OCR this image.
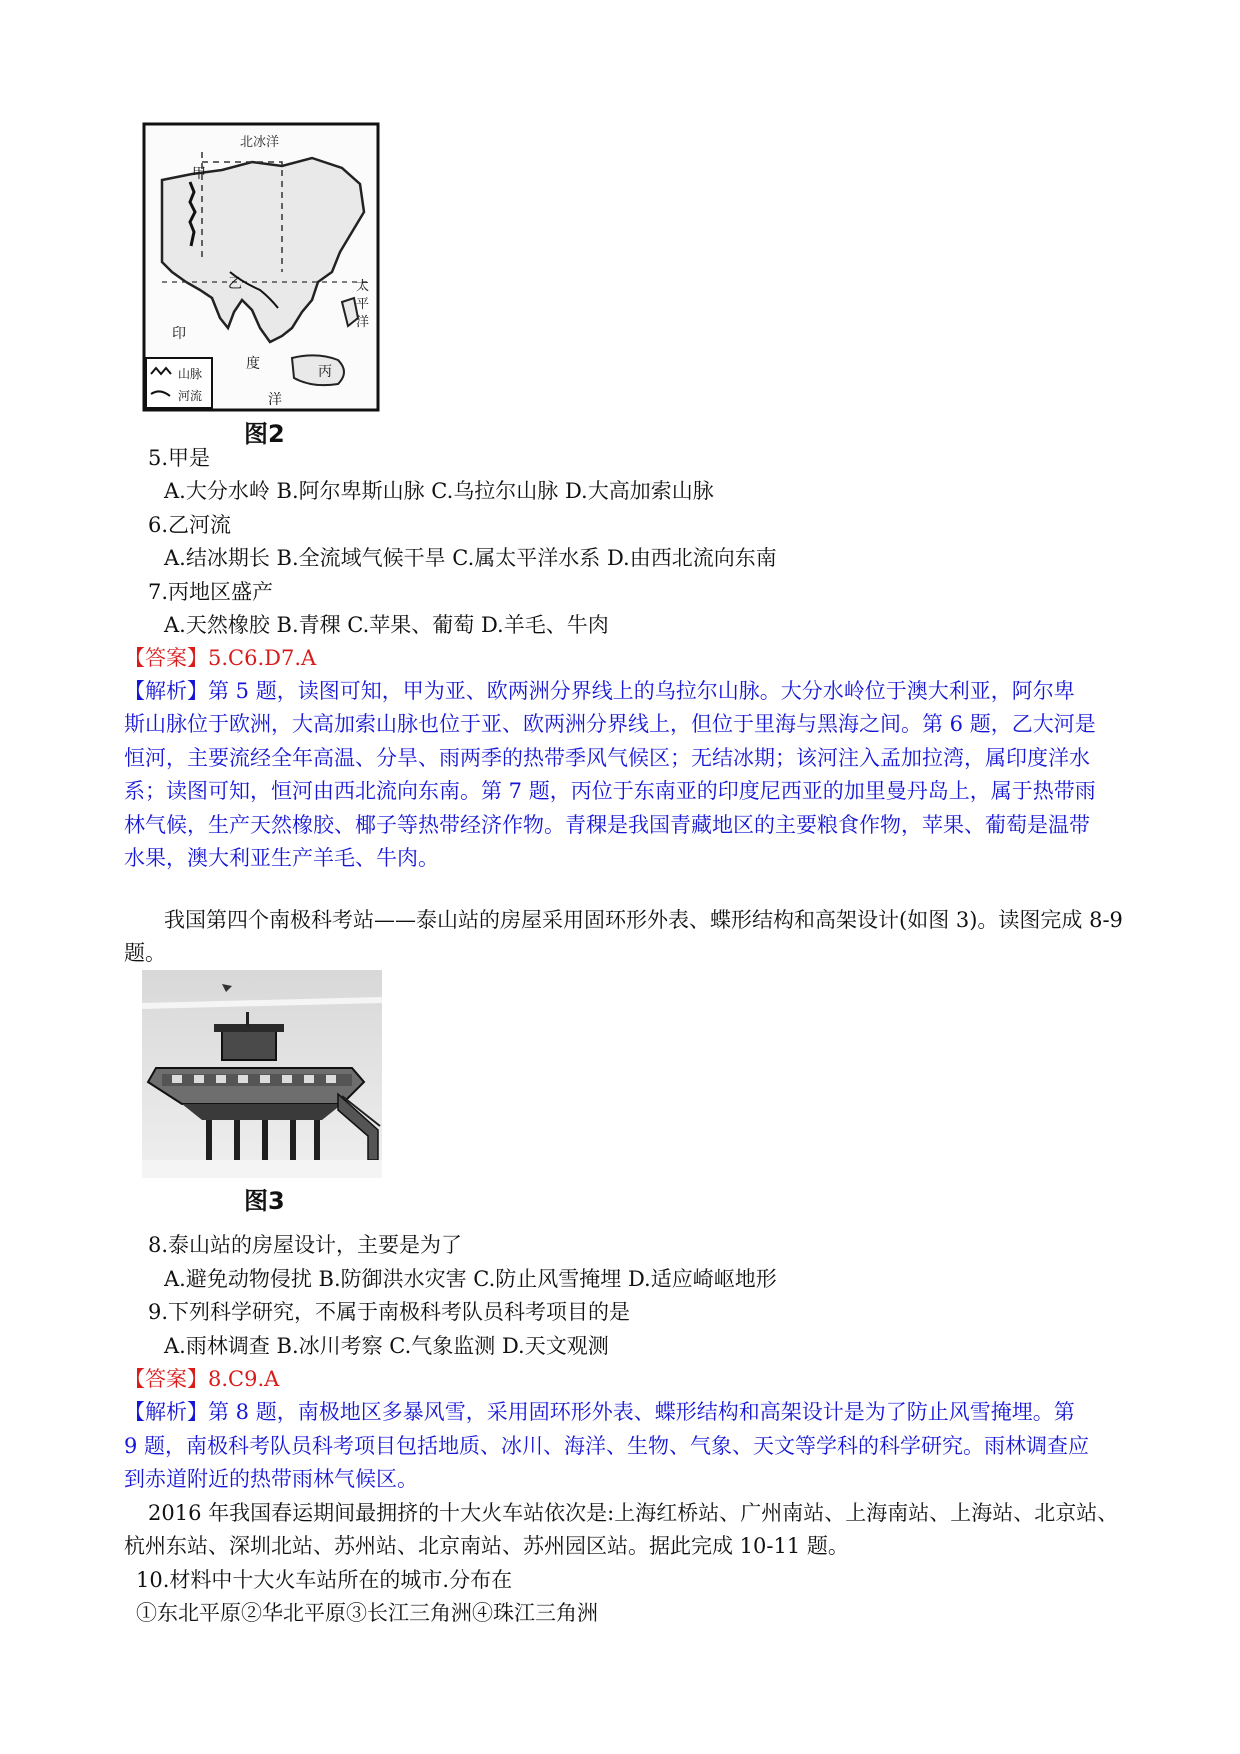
北冰洋
甲
乙
丙
印
度
洋
太
平
洋
山脉
河流
图2
5.甲是
A.大分水岭 B.阿尔卑斯山脉 C.乌拉尔山脉 D.大高加索山脉
6.乙河流
A.结冰期长 B.全流域气候干旱 C.属太平洋水系 D.由西北流向东南
7.丙地区盛产
A.天然橡胶 B.青稞 C.苹果、葡萄 D.羊毛、牛肉
【答案】5.C6.D7.A
【解析】第 5 题，读图可知，甲为亚、欧两洲分界线上的乌拉尔山脉。大分水岭位于澳大利亚，阿尔卑
斯山脉位于欧洲，大高加索山脉也位于亚、欧两洲分界线上，但位于里海与黑海之间。第 6 题，乙大河是
恒河，主要流经全年高温、分旱、雨两季的热带季风气候区；无结冰期；该河注入孟加拉湾，属印度洋水
系；读图可知，恒河由西北流向东南。第 7 题，丙位于东南亚的印度尼西亚的加里曼丹岛上，属于热带雨
林气候，生产天然橡胶、椰子等热带经济作物。青稞是我国青藏地区的主要粮食作物，苹果、葡萄是温带
水果，澳大利亚生产羊毛、牛肉。
我国第四个南极科考站——泰山站的房屋采用固环形外表、蝶形结构和高架设计(如图 3)。读图完成 8-9
题。
图3
8.泰山站的房屋设计，主要是为了
A.避免动物侵扰 B.防御洪水灾害 C.防止风雪掩埋 D.适应崎岖地形
9.下列科学研究，不属于南极科考队员科考项目的是
A.雨林调查 B.冰川考察 C.气象监测 D.天文观测
【答案】8.C9.A
【解析】第 8 题，南极地区多暴风雪，采用固环形外表、蝶形结构和高架设计是为了防止风雪掩埋。第
9 题，南极科考队员科考项目包括地质、冰川、海洋、生物、气象、天文等学科的科学研究。雨林调查应
到赤道附近的热带雨林气候区。
2016 年我国春运期间最拥挤的十大火车站依次是:上海红桥站、广州南站、上海南站、上海站、北京站、
杭州东站、深圳北站、苏州站、北京南站、苏州园区站。据此完成 10-11 题。
10.材料中十大火车站所在的城市.分布在
①东北平原②华北平原③长江三角洲④珠江三角洲
